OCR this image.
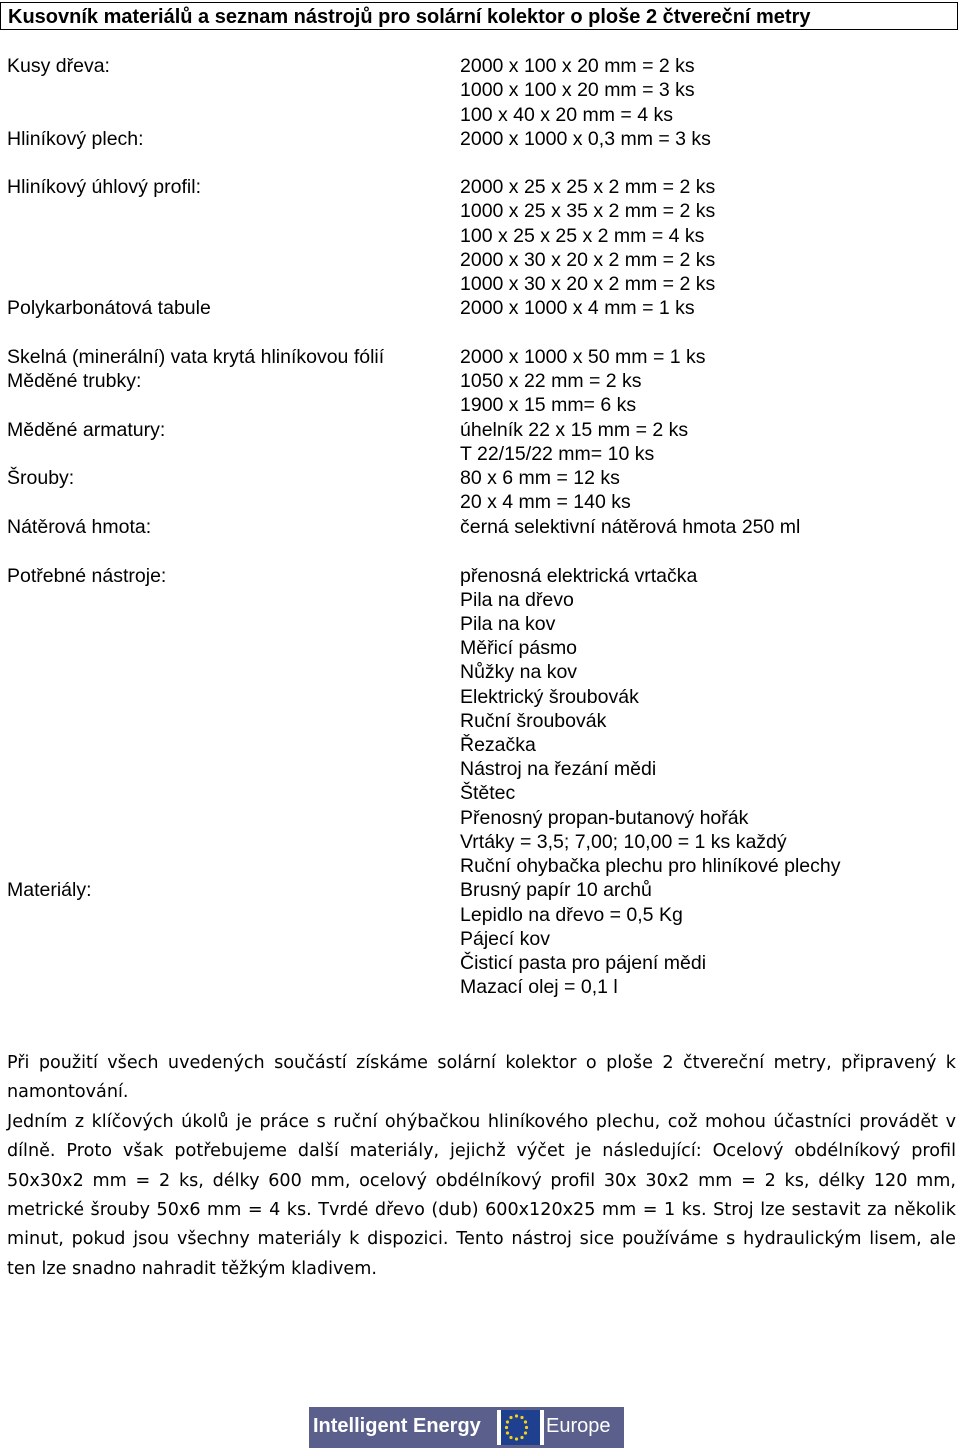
Kusovník materiálů a seznam nástrojů pro solární kolektor o ploše 2 čtvereční metry
Kusy dřeva:
Hliníkový plech:
Hliníkový úhlový profil:
Polykarbonátová tabule
Skelná (minerální) vata krytá hliníkovou fólií
Měděné trubky:
Měděné armatury:
Šrouby:
Nátěrová hmota:
Potřebné nástroje:
Materiály:
2000 x 100 x 20 mm = 2 ks
1000 x 100 x 20 mm = 3 ks
100 x 40 x 20 mm = 4 ks
2000 x 1000 x 0,3 mm = 3 ks
2000 x 25 x 25 x 2 mm = 2 ks
1000 x 25 x 35 x 2 mm = 2 ks
100 x 25 x 25 x 2 mm = 4 ks
2000 x 30 x 20 x 2 mm = 2 ks
1000 x 30 x 20 x 2 mm = 2 ks
2000 x 1000 x 4 mm = 1 ks
2000 x 1000 x 50 mm = 1 ks
1050 x 22 mm = 2 ks
1900 x 15 mm= 6 ks
úhelník 22 x 15 mm = 2 ks
T 22/15/22 mm= 10 ks
80 x 6 mm = 12 ks
20 x 4 mm = 140 ks
černá selektivní nátěrová hmota 250 ml
přenosná elektrická vrtačka
Pila na dřevo
Pila na kov
Měřicí pásmo
Nůžky na kov
Elektrický šroubovák
Ruční šroubovák
Řezačka
Nástroj na řezání mědi
Štětec
Přenosný propan-butanový hořák
Vrtáky = 3,5; 7,00; 10,00 = 1 ks každý
Ruční ohybačka plechu pro hliníkové plechy
Brusný papír 10 archů
Lepidlo na dřevo = 0,5 Kg
Pájecí kov
Čisticí pasta pro pájení mědi
Mazací olej = 0,1 l

Při použití všech uvedených součástí získáme solární kolektor o ploše 2 čtvereční metry, připravený k namontování.

Jedním z klíčových úkolů je práce s ruční ohýbačkou hliníkového plechu, což mohou účastníci provádět v dílně. Proto však potřebujeme další materiály, jejichž výčet je následující: Ocelový obdélníkový profil 50x30x2 mm = 2 ks, délky 600 mm, ocelový obdélníkový profil 30x 30x2 mm = 2 ks, délky 120 mm, metrické šrouby 50x6 mm = 4 ks. Tvrdé dřevo (dub) 600x120x25 mm = 1 ks. Stroj lze sestavit za několik minut, pokud jsou všechny materiály k dispozici. Tento nástroj sice používáme s hydraulickým lisem, ale ten lze snadno nahradit těžkým kladivem.

Intelligent Energy	Europe
